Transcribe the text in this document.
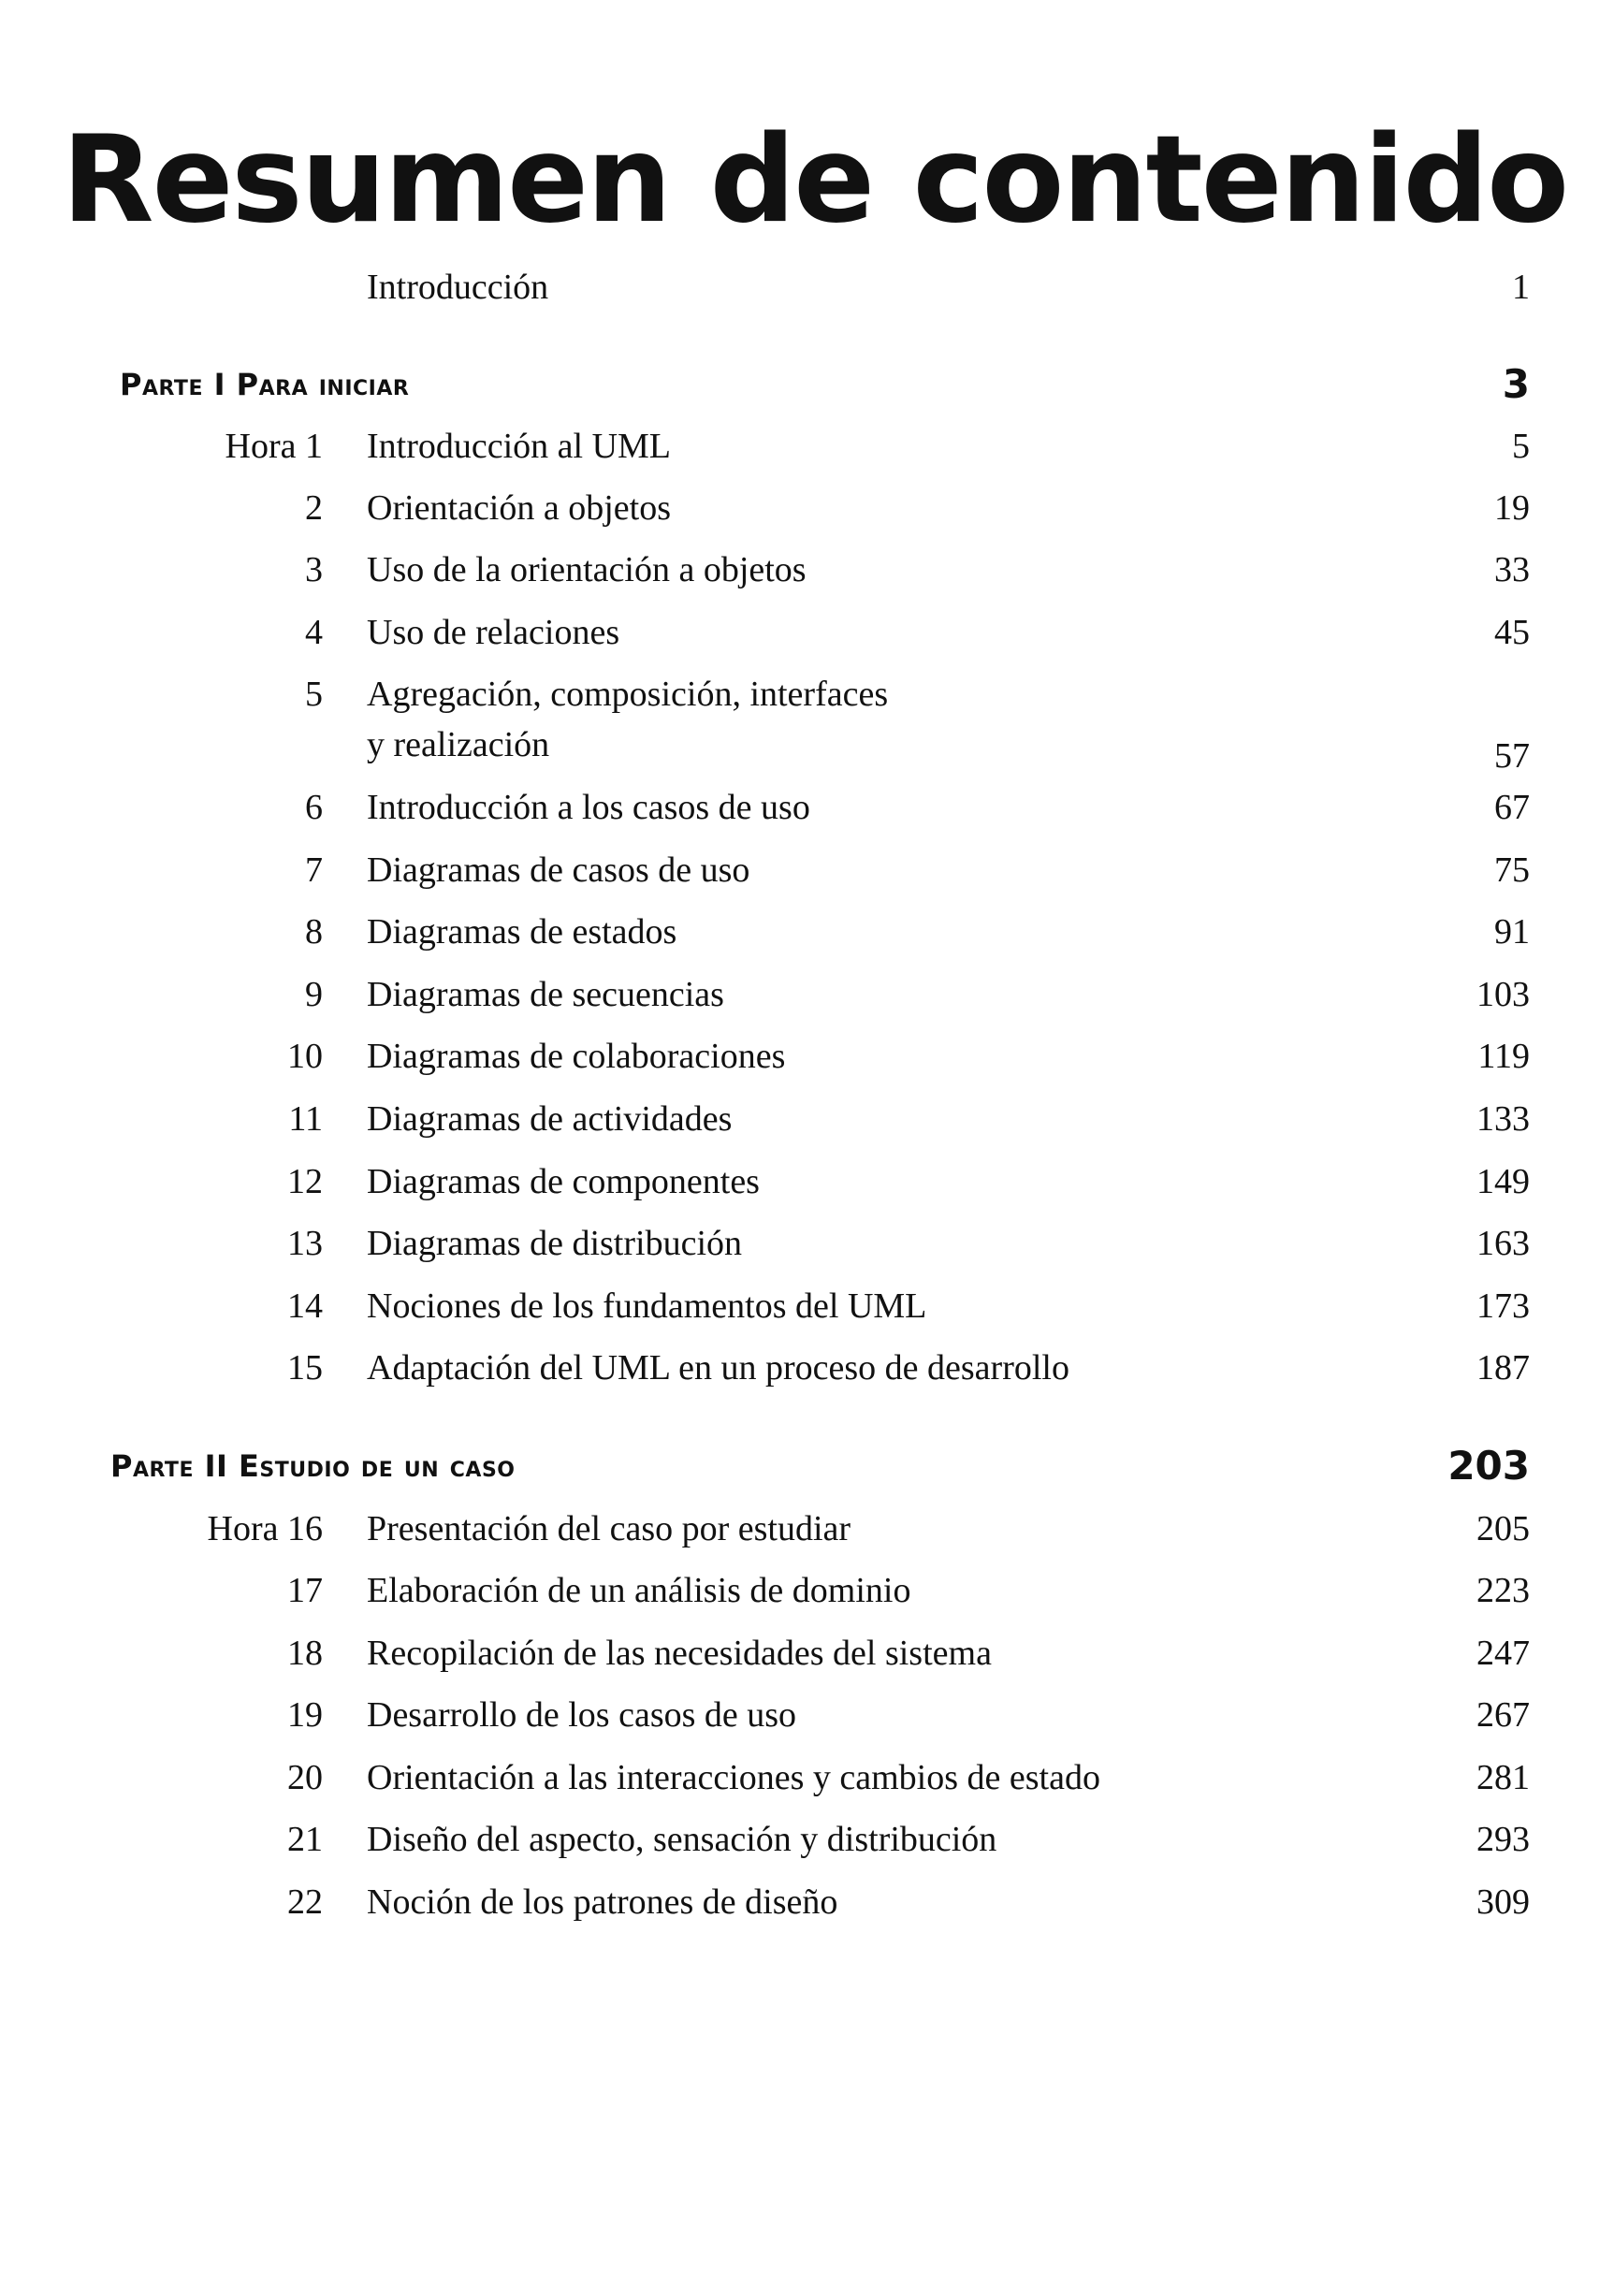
Resumen de contenido
Introducción	1
Parte I Para iniciar	3
Hora 1 Introducción al UML	5
2 Orientación a objetos	19
3 Uso de la orientación a objetos	33
4 Uso de relaciones	45
5 Agregación, composición, interfaces
y realización	57
6 Introducción a los casos de uso	67
7 Diagramas de casos de uso	75
8 Diagramas de estados	91
9 Diagramas de secuencias	103
10 Diagramas de colaboraciones	119
11 Diagramas de actividades	133
12 Diagramas de componentes	149
13 Diagramas de distribución	163
14 Nociones de los fundamentos del UML	173
15 Adaptación del UML en un proceso de desarrollo	187
Parte II Estudio de un caso	203
Hora 16 Presentación del caso por estudiar	205
17 Elaboración de un análisis de dominio	223
18 Recopilación de las necesidades del sistema	247
19 Desarrollo de los casos de uso	267
20 Orientación a las interacciones y cambios de estado	281
21 Diseño del aspecto, sensación y distribución	293
22 Noción de los patrones de diseño	309
